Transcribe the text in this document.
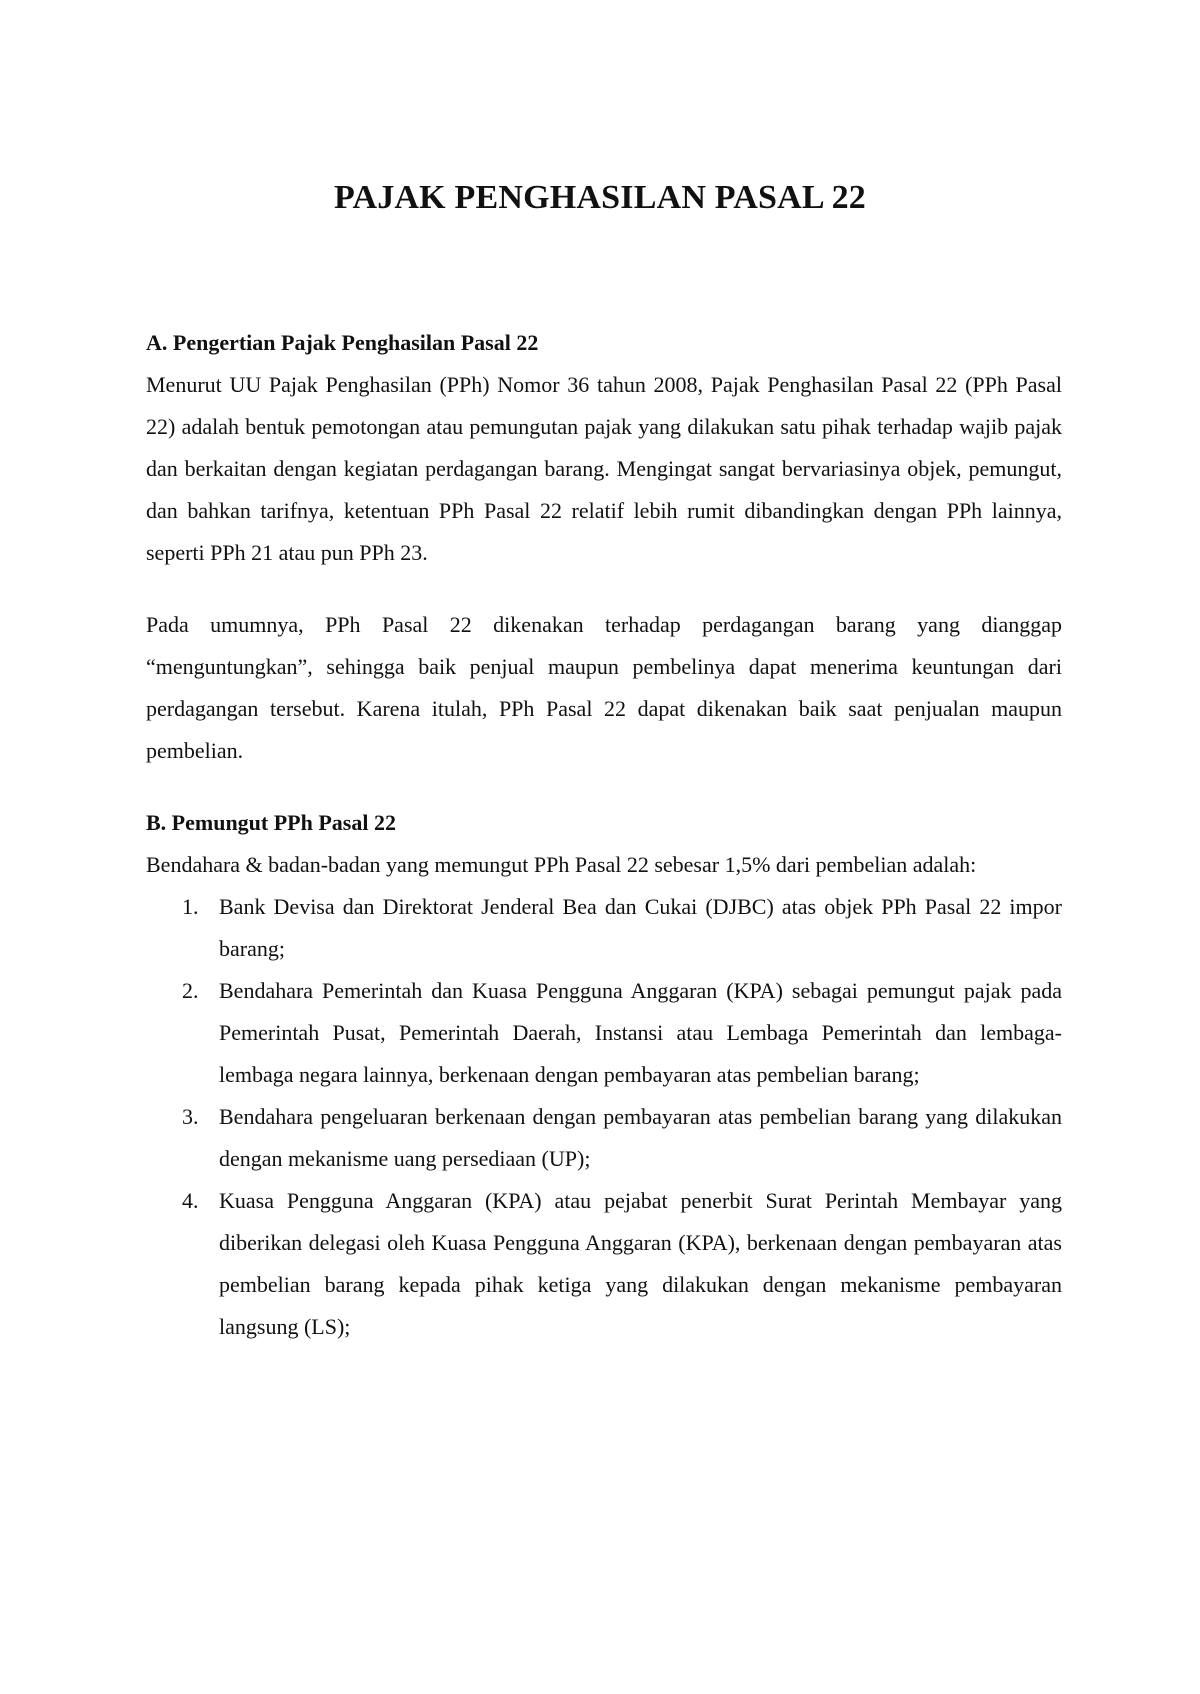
PAJAK PENGHASILAN PASAL 22
A. Pengertian Pajak Penghasilan Pasal 22

Menurut UU Pajak Penghasilan (PPh) Nomor 36 tahun 2008, Pajak Penghasilan Pasal 22 (PPh Pasal 22) adalah bentuk pemotongan atau pemungutan pajak yang dilakukan satu pihak terhadap wajib pajak dan berkaitan dengan kegiatan perdagangan barang. Mengingat sangat bervariasinya objek, pemungut, dan bahkan tarifnya, ketentuan PPh Pasal 22 relatif lebih rumit dibandingkan dengan PPh lainnya, seperti PPh 21 atau pun PPh 23.

Pada umumnya, PPh Pasal 22 dikenakan terhadap perdagangan barang yang dianggap “menguntungkan”, sehingga baik penjual maupun pembelinya dapat menerima keuntungan dari perdagangan tersebut. Karena itulah, PPh Pasal 22 dapat dikenakan baik saat penjualan maupun pembelian.

B. Pemungut PPh Pasal 22

Bendahara & badan-badan yang memungut PPh Pasal 22 sebesar 1,5% dari pembelian adalah:

1. Bank Devisa dan Direktorat Jenderal Bea dan Cukai (DJBC) atas objek PPh Pasal 22 impor barang;
2. Bendahara Pemerintah dan Kuasa Pengguna Anggaran (KPA) sebagai pemungut pajak pada Pemerintah Pusat, Pemerintah Daerah, Instansi atau Lembaga Pemerintah dan lembaga-lembaga negara lainnya, berkenaan dengan pembayaran atas pembelian barang;
3. Bendahara pengeluaran berkenaan dengan pembayaran atas pembelian barang yang dilakukan dengan mekanisme uang persediaan (UP);
4. Kuasa Pengguna Anggaran (KPA) atau pejabat penerbit Surat Perintah Membayar yang diberikan delegasi oleh Kuasa Pengguna Anggaran (KPA), berkenaan dengan pembayaran atas pembelian barang kepada pihak ketiga yang dilakukan dengan mekanisme pembayaran langsung (LS);
